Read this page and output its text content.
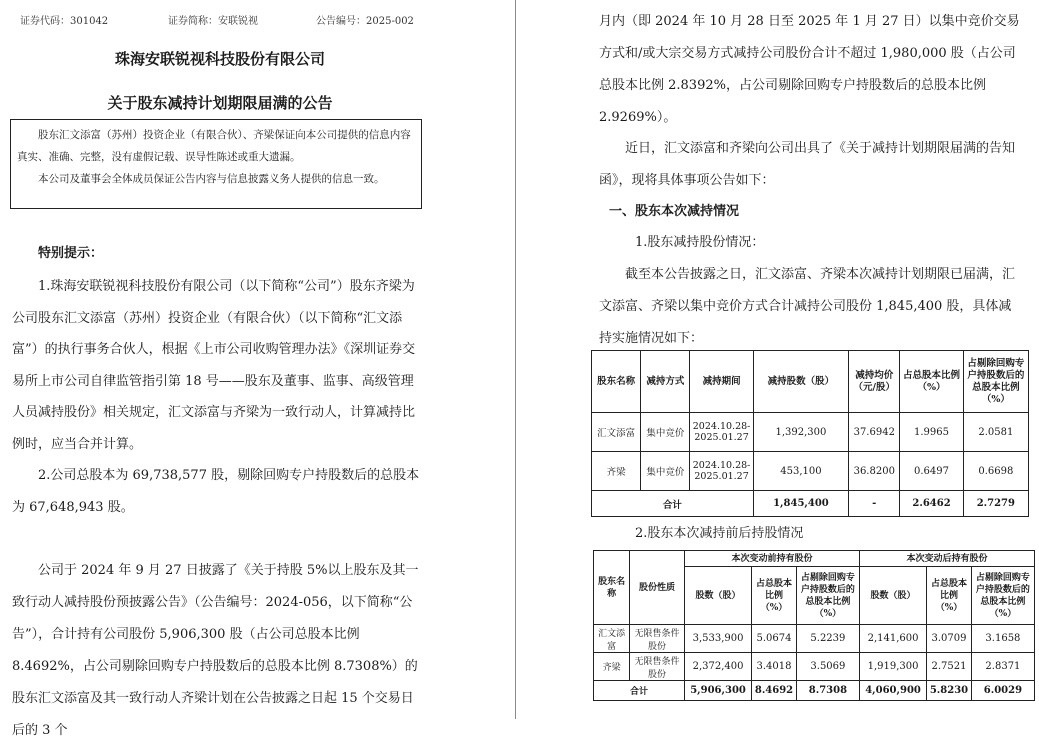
证券代码：301042	证券简称：安联锐视	公告编号：2025-002
珠海安联锐视科技股份有限公司
关于股东减持计划期限届满的公告

股东汇文添富（苏州）投资企业（有限合伙）、齐梁保证向本公司提供的信息内容真实、准确、完整，没有虚假记载、误导性陈述或重大遗漏。

本公司及董事会全体成员保证公告内容与信息披露义务人提供的信息一致。

特别提示：
1.珠海安联锐视科技股份有限公司（以下简称“公司”）股东齐梁为公司股东汇文添富（苏州）投资企业（有限合伙）（以下简称“汇文添富”）的执行事务合伙人，根据《上市公司收购管理办法》《深圳证券交易所上市公司自律监管指引第 18 号——股东及董事、监事、高级管理人员减持股份》相关规定，汇文添富与齐梁为一致行动人，计算减持比例时，应当合并计算。
2.公司总股本为 69,738,577 股，剔除回购专户持股数后的总股本为 67,648,943 股。
公司于 2024 年 9 月 27 日披露了《关于持股 5%以上股东及其一致行动人减持股份预披露公告》（公告编号：2024-056，以下简称“公告”），合计持有公司股份 5,906,300 股（占公司总股本比例 8.4692%，占公司剔除回购专户持股数后的总股本比例 8.7308%）的股东汇文添富及其一致行动人齐梁计划在公告披露之日起 15 个交易日后的 3 个
月内（即 2024 年 10 月 28 日至 2025 年 1 月 27 日）以集中竞价交易方式和/或大宗交易方式减持公司股份合计不超过 1,980,000 股（占公司总股本比例 2.8392%，占公司剔除回购专户持股数后的总股本比例 2.9269%）。
近日，汇文添富和齐梁向公司出具了《关于减持计划期限届满的告知函》，现将具体事项公告如下：
一、股东本次减持情况
1.股东减持股份情况：
截至本公告披露之日，汇文添富、齐梁本次减持计划期限已届满，汇文添富、齐梁以集中竞价方式合计减持公司股份 1,845,400 股，具体减持实施情况如下：
股东名称	减持方式	减持期间	减持股数（股）	减持均价（元/股）	占总股本比例（%）	占剔除回购专户持股数后的总股本比例（%）
汇文添富	集中竞价	2024.10.28-
2025.01.27	1,392,300	37.6942	1.9965	2.0581
齐梁	集中竞价	2024.10.28-
2025.01.27	453,100	36.8200	0.6497	0.6698
合计			1,845,400	-	2.6462	2.7279
2.股东本次减持前后持股情况
股东名称	股份性质	本次变动前持有股份			本次变动后持有股份		
		股数（股）	占总股本比例（%）	占剔除回购专户持股数后的总股本比例（%）	股数（股）	占总股本比例（%）	占剔除回购专户持股数后的总股本比例（%）
汇文添富	无限售条件股份	3,533,900	5.0674	5.2239	2,141,600	3.0709	3.1658
齐梁	无限售条件股份	2,372,400	3.4018	3.5069	1,919,300	2.7521	2.8371
合计		5,906,300	8.4692	8.7308	4,060,900	5.8230	6.0029
